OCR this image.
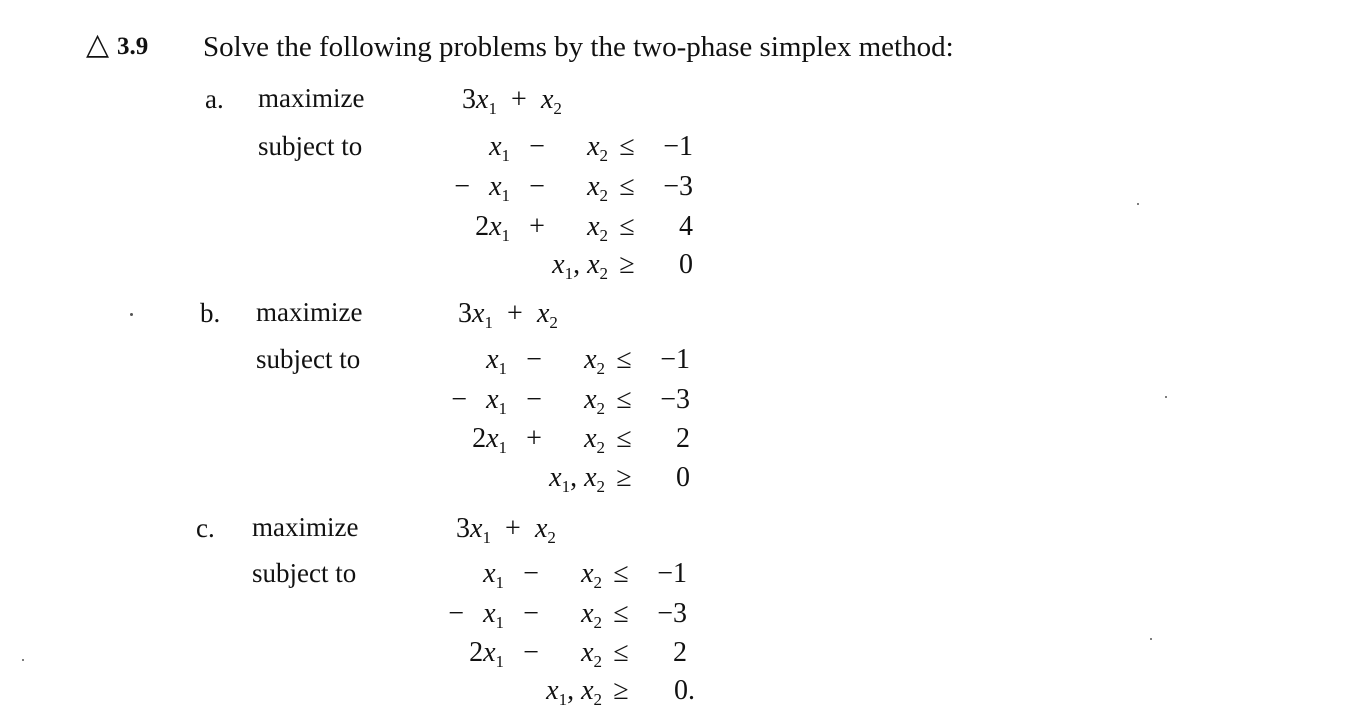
△ 3.9 Solve the following problems by the two-phase simplex method:
a. maximize
subject to
$3x_1 + x_2$
$x_1 - x_2 \le -1$
− $x_1 - x_2 \le -3$
$2x_1 + x_2 \le 4$
$x_1$, $x_2 \ge 0$
b. maximize
subject to
$3x_1 + x_2$
$x_1 - x_2 \le -1$
− $x_1 - x_2 \le -3$
$2x_1 + x_2 \le 2$
$x_1$, $x_2 \ge 0$
c. maximize
subject to
$3x_1 + x_2$
$x_1 - x_2 \le -1$
− $x_1 - x_2 \le -3$
$2x_1 - x_2 \le 2$
$x_1$, $x_2 \ge 0$.
